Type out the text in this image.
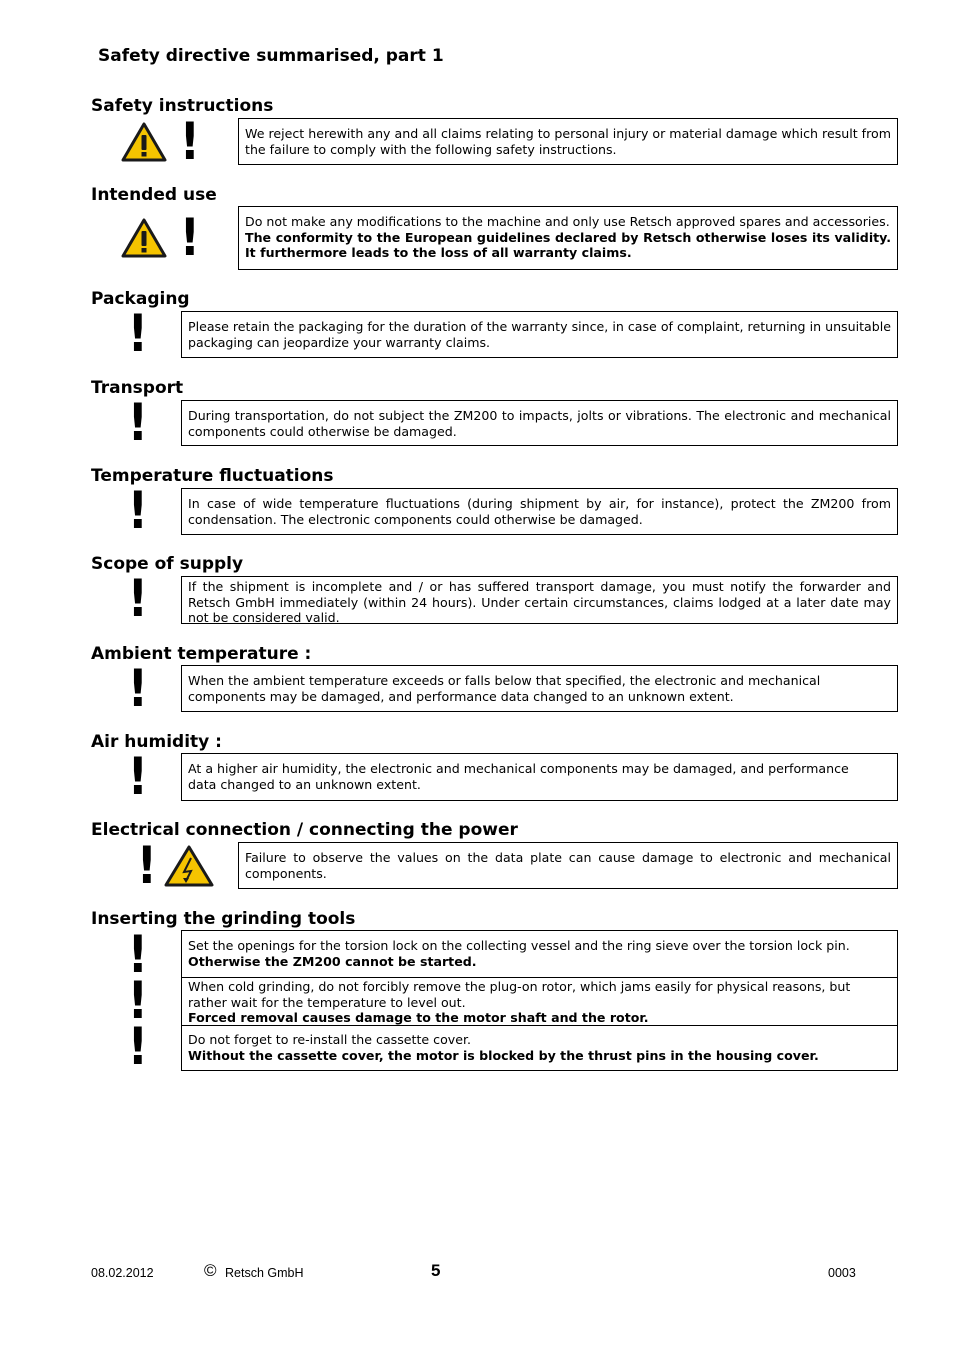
Safety directive summarised, part 1
Safety instructions
!	We reject herewith any and all claims relating to personal injury or material damage which result from the failure to comply with the following safety instructions.
Intended use
!	Do not make any modifications to the machine and only use Retsch approved spares and accessories.
The conformity to the European guidelines declared by Retsch otherwise loses its validity. It furthermore leads to the loss of all warranty claims.
Packaging
!	Please retain the packaging for the duration of the warranty since, in case of complaint, returning in unsuitable packaging can jeopardize your warranty claims.
Transport
!	During transportation, do not subject the ZM200 to impacts, jolts or vibrations. The electronic and mechanical components could otherwise be damaged.
Temperature fluctuations
!	In case of wide temperature fluctuations (during shipment by air, for instance), protect the ZM200 from condensation. The electronic components could otherwise be damaged.
Scope of supply
!	If the shipment is incomplete and / or has suffered transport damage, you must notify the forwarder and Retsch GmbH immediately (within 24 hours). Under certain circumstances, claims lodged at a later date may not be considered valid.
Ambient temperature :
!	When the ambient temperature exceeds or falls below that specified, the electronic and mechanical
components may be damaged, and performance data changed to an unknown extent.
Air humidity :
!	At a higher air humidity, the electronic and mechanical components may be damaged, and performance
data changed to an unknown extent.
Electrical connection / connecting the power
!	Failure to observe the values on the data plate can cause damage to electronic and mechanical components.
Inserting the grinding tools
!
!
!
Set the openings for the torsion lock on the collecting vessel and the ring sieve over the torsion lock pin.
Otherwise the ZM200 cannot be started.
When cold grinding, do not forcibly remove the plug-on rotor, which jams easily for physical reasons, but
rather wait for the temperature to level out.
Forced removal causes damage to the motor shaft and the rotor.
Do not forget to re-install the cassette cover.
Without the cassette cover, the motor is blocked by the thrust pins in the housing cover.
08.02.2012	© Retsch GmbH	5	0003
